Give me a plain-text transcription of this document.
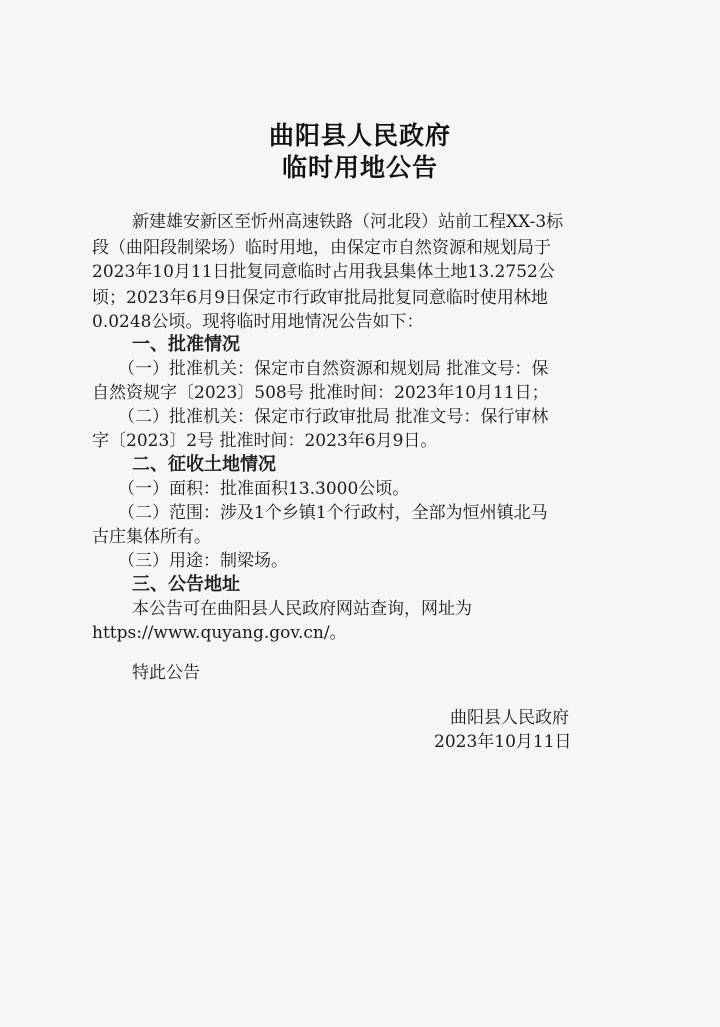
曲阳县人民政府
临时用地公告
新建雄安新区至忻州高速铁路（河北段）站前工程XX-3标
段（曲阳段制梁场）临时用地，由保定市自然资源和规划局于
2023年10月11日批复同意临时占用我县集体土地13.2752公
顷；2023年6月9日保定市行政审批局批复同意临时使用林地
0.0248公顷。现将临时用地情况公告如下：
一、批准情况
（一）批准机关：保定市自然资源和规划局 批准文号：保
自然资规字〔2023〕508号 批准时间：2023年10月11日；
（二）批准机关：保定市行政审批局 批准文号：保行审林
字〔2023〕2号 批准时间：2023年6月9日。
二、征收土地情况
（一）面积：批准面积13.3000公顷。
（二）范围：涉及1个乡镇1个行政村，全部为恒州镇北马
古庄集体所有。
（三）用途：制梁场。
三、公告地址
本公告可在曲阳县人民政府网站查询，网址为
https://www.quyang.gov.cn/。
特此公告
曲阳县人民政府
2023年10月11日
